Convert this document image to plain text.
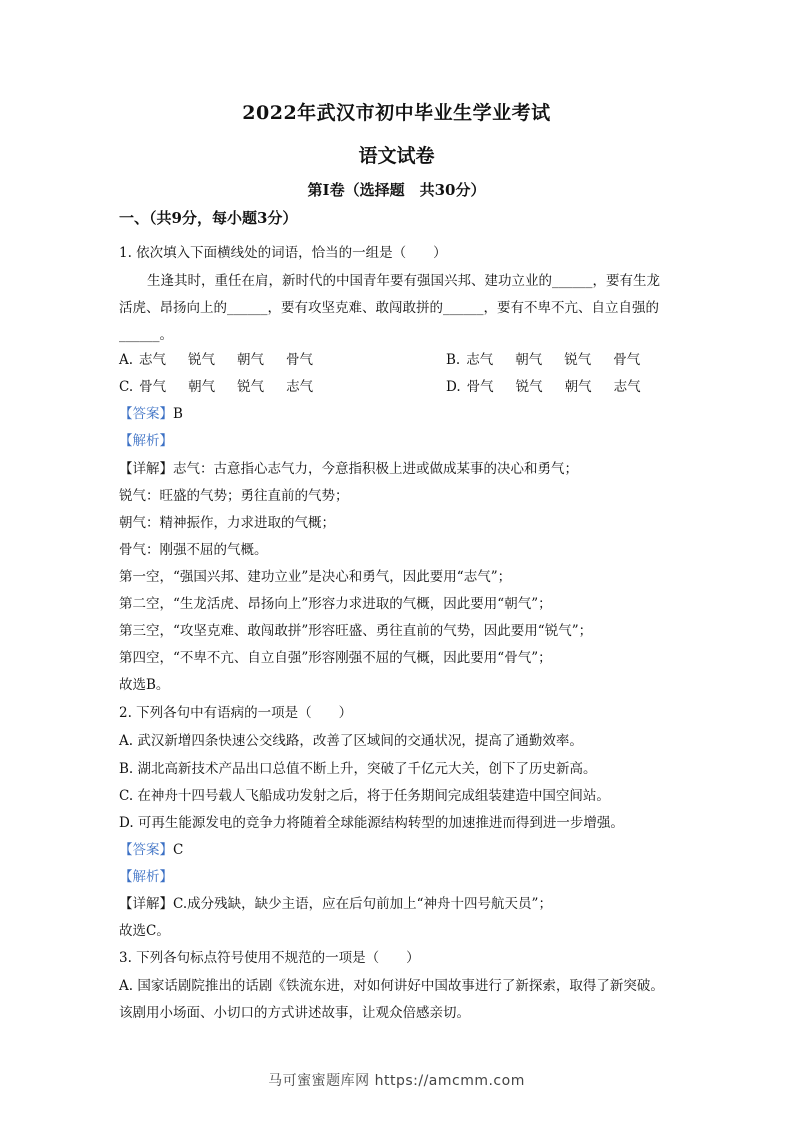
2022年武汉市初中毕业生学业考试
语文试卷
第Ⅰ卷（选择题　共30分）
一、（共9分，每小题3分）
1. 依次填入下面横线处的词语，恰当的一组是（　　）
生逢其时，重任在肩，新时代的中国青年要有强国兴邦、建功立业的______，要有生龙
活虎、昂扬向上的______，要有攻坚克难、敢闯敢拼的______，要有不卑不亢、自立自强的
______。
A. 志气 锐气 朝气 骨气	B. 志气 朝气 锐气 骨气
C. 骨气 朝气 锐气 志气	D. 骨气 锐气 朝气 志气
【答案】B
【解析】
【详解】志气：古意指心志气力，今意指积极上进或做成某事的决心和勇气；
锐气：旺盛的气势；勇往直前的气势；
朝气：精神振作，力求进取的气概；
骨气：刚强不屈的气概。
第一空，“强国兴邦、建功立业”是决心和勇气，因此要用“志气”；
第二空，“生龙活虎、昂扬向上”形容力求进取的气概，因此要用“朝气”；
第三空，“攻坚克难、敢闯敢拼”形容旺盛、勇往直前的气势，因此要用“锐气”；
第四空，“不卑不亢、自立自强”形容刚强不屈的气概，因此要用“骨气”；
故选B。
2. 下列各句中有语病的一项是（　　）
A. 武汉新增四条快速公交线路，改善了区域间的交通状况，提高了通勤效率。
B. 湖北高新技术产品出口总值不断上升，突破了千亿元大关，创下了历史新高。
C. 在神舟十四号载人飞船成功发射之后，将于任务期间完成组装建造中国空间站。
D. 可再生能源发电的竞争力将随着全球能源结构转型的加速推进而得到进一步增强。
【答案】C
【解析】
【详解】C.成分残缺，缺少主语，应在后句前加上“神舟十四号航天员”；
故选C。
3. 下列各句标点符号使用不规范的一项是（　　）
A. 国家话剧院推出的话剧《铁流东进，对如何讲好中国故事进行了新探索，取得了新突破。
该剧用小场面、小切口的方式讲述故事，让观众倍感亲切。
马可蜜蜜题库网 https://amcmm.com
